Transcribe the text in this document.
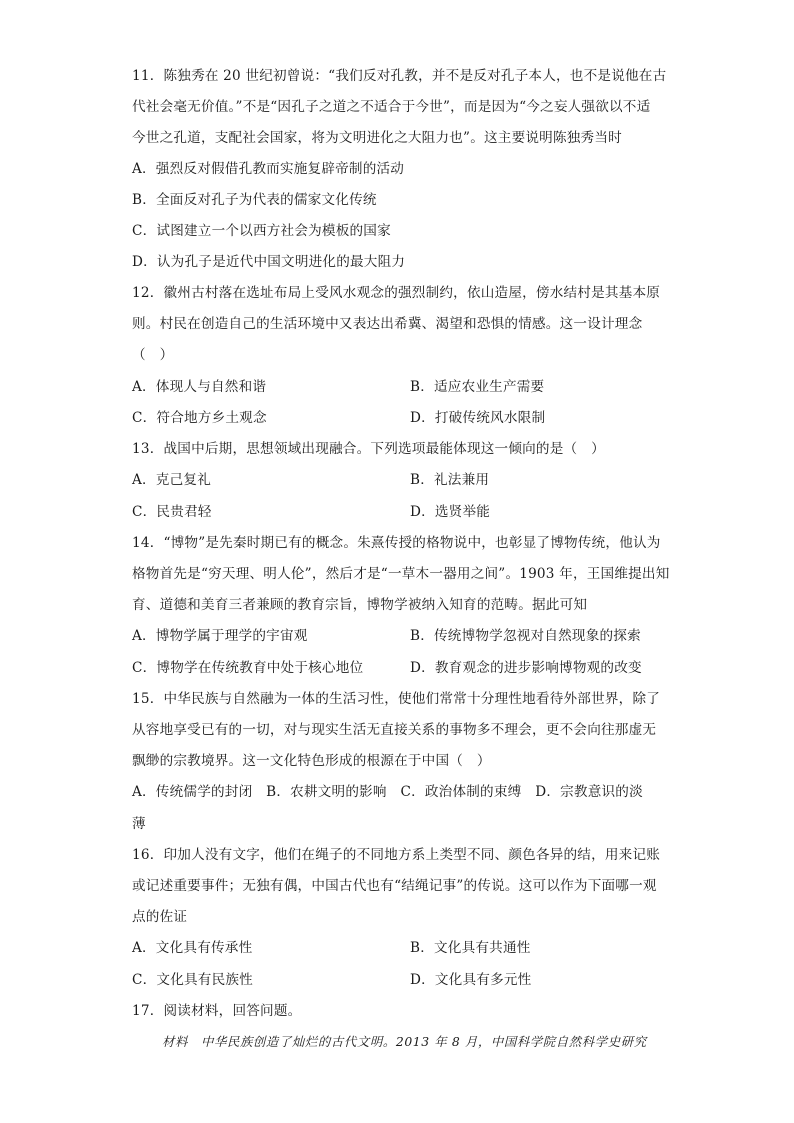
11．陈独秀在 20 世纪初曾说：“我们反对孔教，并不是反对孔子本人，也不是说他在古
代社会毫无价值。”不是“因孔子之道之不适合于今世”，而是因为“今之妄人强欲以不适
今世之孔道，支配社会国家，将为文明进化之大阻力也”。这主要说明陈独秀当时
A．强烈反对假借孔教而实施复辟帝制的活动
B．全面反对孔子为代表的儒家文化传统
C．试图建立一个以西方社会为模板的国家
D．认为孔子是近代中国文明进化的最大阻力
12．徽州古村落在选址布局上受风水观念的强烈制约，依山造屋，傍水结村是其基本原
则。村民在创造自己的生活环境中又表达出希冀、渴望和恐惧的情感。这一设计理念
（　）
A．体现人与自然和谐	B．适应农业生产需要
C．符合地方乡土观念	D．打破传统风水限制
13．战国中后期，思想领域出现融合。下列选项最能体现这一倾向的是（　）
A．克己复礼	B．礼法兼用
C．民贵君轻	D．选贤举能
14．“博物”是先秦时期已有的概念。朱熹传授的格物说中，也彰显了博物传统，他认为
格物首先是“穷天理、明人伦”，然后才是“一草木一器用之间”。1903 年，王国维提出知
育、道德和美育三者兼顾的教育宗旨，博物学被纳入知育的范畴。据此可知
A．博物学属于理学的宇宙观	B．传统博物学忽视对自然现象的探索
C．博物学在传统教育中处于核心地位	D．教育观念的进步影响博物观的改变
15．中华民族与自然融为一体的生活习性，使他们常常十分理性地看待外部世界，除了
从容地享受已有的一切，对与现实生活无直接关系的事物多不理会，更不会向往那虚无
飘缈的宗教境界。这一文化特色形成的根源在于中国（　）
A．传统儒学的封闭　B．农耕文明的影响　C．政治体制的束缚　D．宗教意识的淡
薄
16．印加人没有文字，他们在绳子的不同地方系上类型不同、颜色各异的结，用来记账
或记述重要事件；无独有偶，中国古代也有“结绳记事”的传说。这可以作为下面哪一观
点的佐证
A．文化具有传承性	B．文化具有共通性
C．文化具有民族性	D．文化具有多元性
17．阅读材料，回答问题。
材料　中华民族创造了灿烂的古代文明。2013 年 8 月，中国科学院自然科学史研究
